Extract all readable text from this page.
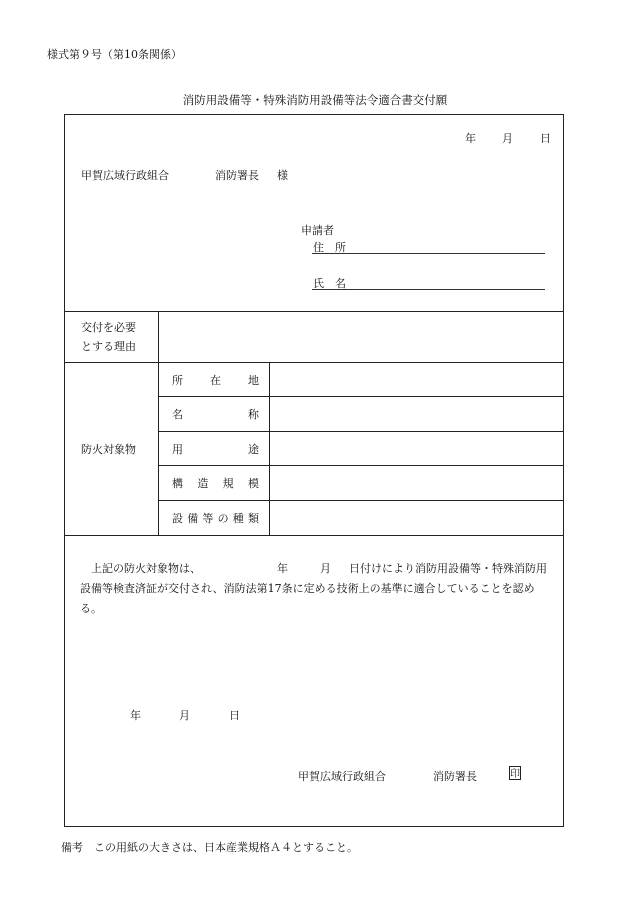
様式第９号（第10条関係）
消防用設備等・特殊消防用設備等法令適合書交付願
年 月 日
甲賀広域行政組合	消防署長 様
申請者
住　所
氏　名
交付を必要
とする理由
防火対象物
所 在 地
名	称
用	途
構 造 規 模
設 備 等 の 種 類
上記の防火対象物は、	年	月 日付けにより消防用設備等・特殊消防用設備等検査済証が交付され、消防法第17条に定める技術上の基準に適合していることを認める。
年	月	日
甲賀広域行政組合	消防署長	印
備考　この用紙の大きさは、日本産業規格Ａ４とすること。
